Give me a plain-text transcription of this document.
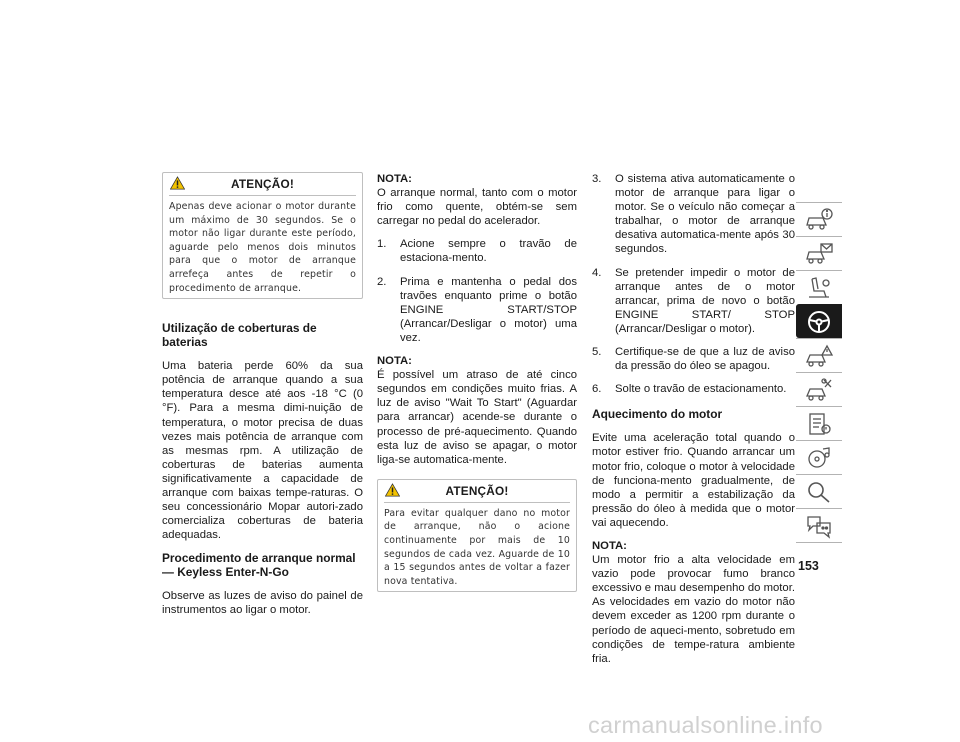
ATENÇÃO!
Apenas deve acionar o motor durante um máximo de 30 segundos. Se o motor não ligar durante este período, aguarde pelo menos dois minutos para que o motor de arranque arrefeça antes de repetir o procedimento de arranque.
Utilização de coberturas de baterias

Uma bateria perde 60% da sua potência de arranque quando a sua temperatura desce até aos -18 °C (0 °F). Para a mesma dimi-nuição de temperatura, o motor precisa de duas vezes mais potência de arranque com as mesmas rpm. A utilização de coberturas de baterias aumenta significativamente a capacidade de arranque com baixas tempe-raturas. O seu concessionário Mopar autori-zado comercializa coberturas de bateria adequadas.

Procedimento de arranque normal — Keyless Enter-N-Go

Observe as luzes de aviso do painel de instrumentos ao ligar o motor.

NOTA:

O arranque normal, tanto com o motor frio como quente, obtém-se sem carregar no pedal do acelerador.

1. Acione sempre o travão de estaciona-mento.
2. Prima e mantenha o pedal dos travões enquanto prime o botão ENGINE START/STOP (Arrancar/Desligar o motor) uma vez.

NOTA:

É possível um atraso de até cinco segundos em condições muito frias. A luz de aviso "Wait To Start" (Aguardar para arrancar) acende-se durante o processo de pré-aquecimento. Quando esta luz de aviso se apagar, o motor liga-se automatica-mente.

ATENÇÃO!
Para evitar qualquer dano no motor de arranque, não o acione continuamente por mais de 10 segundos de cada vez. Aguarde de 10 a 15 segundos antes de voltar a fazer nova tentativa.
3. O sistema ativa automaticamente o motor de arranque para ligar o motor. Se o veículo não começar a trabalhar, o motor de arranque desativa automatica-mente após 30 segundos.
4. Se pretender impedir o motor de arranque antes de o motor arrancar, prima de novo o botão ENGINE START/ STOP (Arrancar/Desligar o motor).
5. Certifique-se de que a luz de aviso da pressão do óleo se apagou.
6. Solte o travão de estacionamento.
Aquecimento do motor

Evite uma aceleração total quando o motor estiver frio. Quando arrancar um motor frio, coloque o motor à velocidade de funciona-mento gradualmente, de modo a permitir a estabilização da pressão do óleo à medida que o motor vai aquecendo.

NOTA:

Um motor frio a alta velocidade em vazio pode provocar fumo branco excessivo e mau desempenho do motor. As velocidades em vazio do motor não devem exceder as 1200 rpm durante o período de aqueci-mento, sobretudo em condições de tempe-ratura ambiente fria.

153
carmanualsonline.info
